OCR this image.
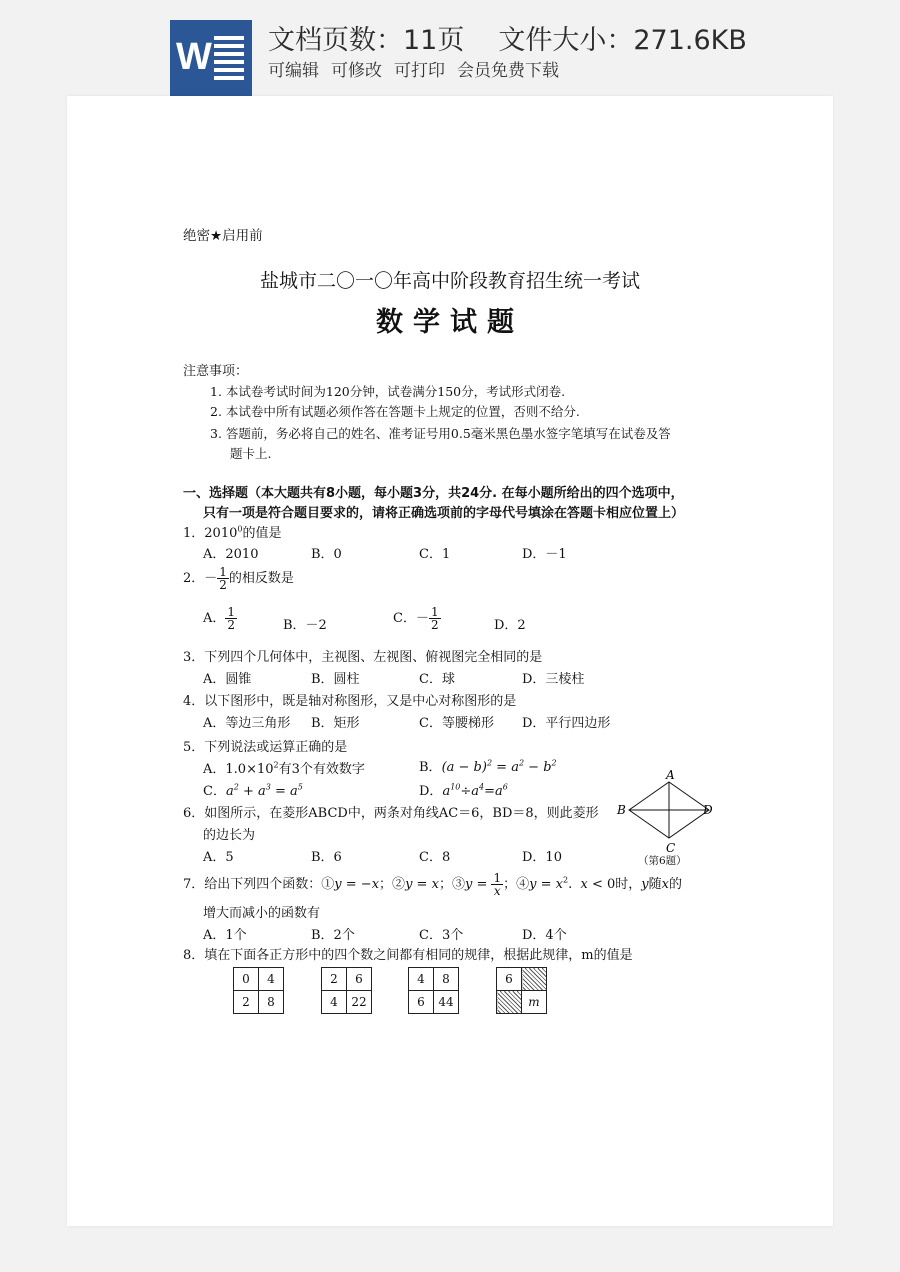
W 文档页数：11页 文件大小：271.6KB
可编辑 可修改 可打印 会员免费下载
绝密★启用前
盐城市二〇一〇年高中阶段教育招生统一考试
数学试题
注意事项：
1. 本试卷考试时间为120分钟，试卷满分150分，考试形式闭卷.
2. 本试卷中所有试题必须作答在答题卡上规定的位置，否则不给分.
3. 答题前，务必将自己的姓名、准考证号用0.5毫米黑色墨水签字笔填写在试卷及答
题卡上.
一、选择题（本大题共有8小题，每小题3分，共24分. 在每小题所给出的四个选项中，
只有一项是符合题目要求的，请将正确选项前的字母代号填涂在答题卡相应位置上）
1．2010$^0$的值是
A．2010	B．0	C．1	D．－1
2．－ $\frac{1}{2}$ 的相反数是
A． $\frac{1}{2}$	B．－2	C．－ $\frac{1}{2}$	D．2
3．下列四个几何体中，主视图、左视图、俯视图完全相同的是
A．圆锥	B．圆柱	C．球	D．三棱柱
4．以下图形中，既是轴对称图形，又是中心对称图形的是
A．等边三角形 B．矩形	C．等腰梯形 D．平行四边形
5．下列说法或运算正确的是
A．$1.0\times 10^2$有3个有效数字	B．$(a - b)^2 = a^2 - b^2$
C．$a^2 + a^3 = a^5$	D．$a^{10}\div a^4=a^6$
6．如图所示，在菱形ABCD中，两条对角线AC＝6，BD＝8，则此菱形
的边长为
A．5	B．6	C．8	D．10
A
B
C
D
（第6题）
7．给出下列四个函数：①y = −x；②y = x；③y = $\frac{1}{x}$ ；④y = $x^2$.  x < 0时，y随x的
增大而减小的函数有
A．1个	B．2个	C．3个	D．4个
8．填在下面各正方形中的四个数之间都有相同的规律，根据此规律，m的值是
0	4
2	8
2	6
4	22
4	8
6	44
6	
	m
